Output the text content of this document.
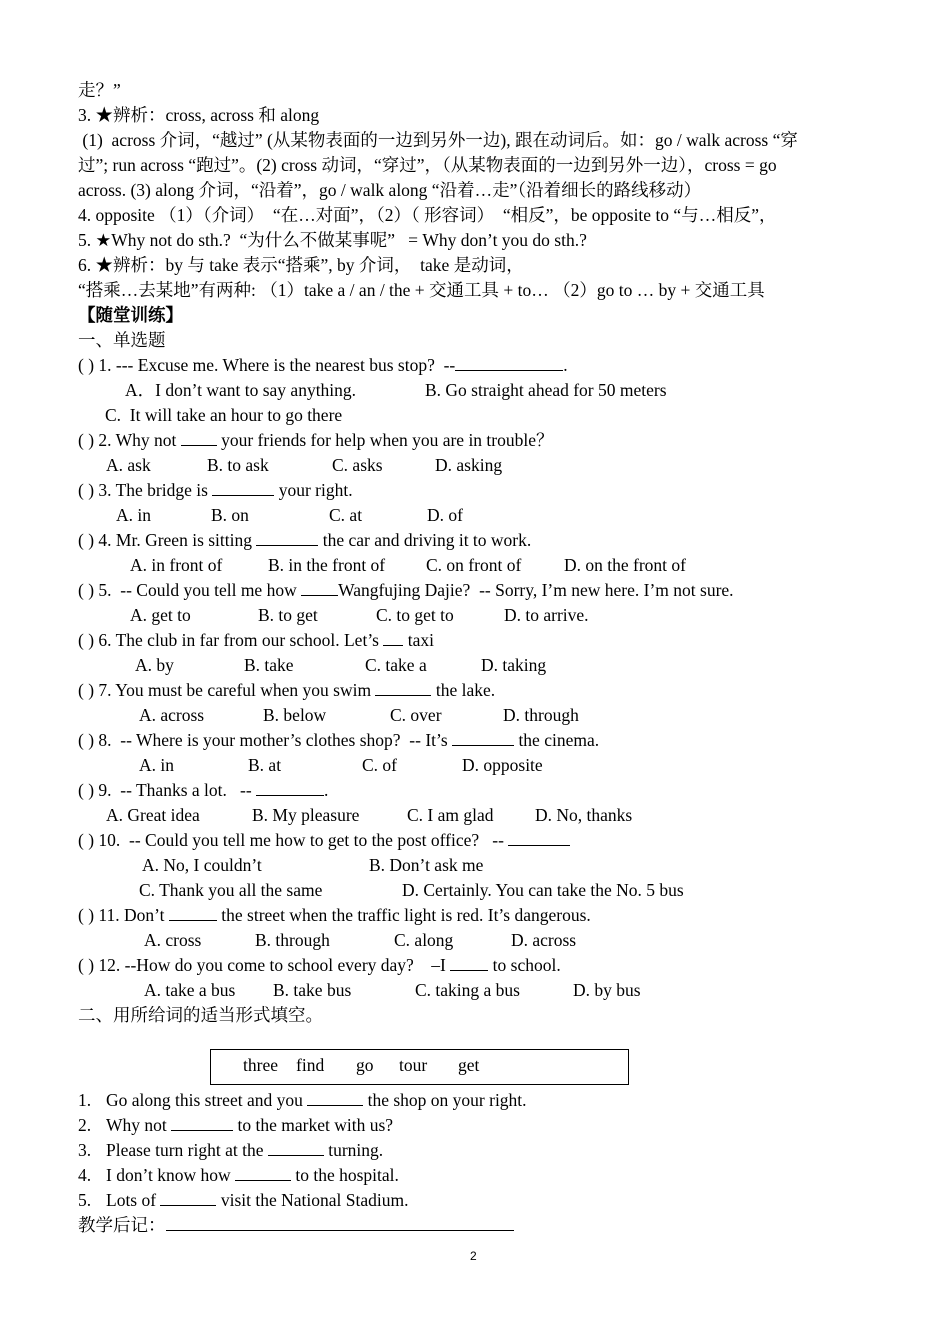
走？”
3. ★辨析：cross, across 和 along
(1)  across 介词，“越过” (从某物表面的一边到另外一边), 跟在动词后。如：go / walk across “穿
过”; run across “跑过”。(2) cross 动词，“穿过”，（从某物表面的一边到另外一边），cross = go
across. (3) along 介词，“沿着”，go / walk along “沿着…走”（沿着细长的路线移动）
4. opposite （1）（介词）  “在…对面”，（2）（ 形容词）  “相反”，be opposite to “与…相反”，
5. ★Why not do sth.?  “为什么不做某事呢”   = Why don’t you do sth.?
6. ★辨析：by 与 take 表示“搭乘”, by 介词，  take 是动词，
“搭乘…去某地”有两种: （1）take a / an / the + 交通工具 + to… （2）go to … by + 交通工具
【随堂训练】
一、单选题
( ) 1. --- Excuse me. Where is the nearest bus stop?  --	.
A．I don’t want to say anything.	B. Go straight ahead for 50 meters
C.  It will take an hour to go there
( ) 2. Why not  your friends for help when you are in trouble？
A. ask	B. to ask	C. asks	D. asking
( ) 3. The bridge is	your right.
A. in	B. on	C. at	D. of
( ) 4. Mr. Green is sitting	the car and driving it to work.
A. in front of	B. in the front of C. on front of D. on the front of
( ) 5.  -- Could you tell me how Wangfujing Dajie?  -- Sorry, I’m new here. I’m not sure.
A. get to	B. to get	C. to get to	D. to arrive.
( ) 6. The club in far from our school. Let’s  taxi
A. by	B. take	C. take a	D. taking
( ) 7. You must be careful when you swim	the lake.
A. across	B. below	C. over	D. through
( ) 8.  -- Where is your mother’s clothes shop?  -- It’s	the cinema.
A. in	B. at	C. of	D. opposite
( ) 9.  -- Thanks a lot.   --	.
A. Great idea	B. My pleasure	C. I am glad D. No, thanks
( ) 10.  -- Could you tell me how to get to the post office?   --
A. No, I couldn’t	B. Don’t ask me
C. Thank you all the same	D. Certainly. You can take the No. 5 bus
( ) 11. Don’t	the street when the traffic light is red. It’s dangerous.
A. cross	B. through	C. along	D. across
( ) 12. --How do you come to school every day?    –I  to school.
A. take a bus B. take bus	C. taking a bus	D. by bus
二、用所给词的适当形式填空。
three find go tour get
1. Go along this street and you	the shop on your right.
2. Why not	to the market with us?
3. Please turn right at the	turning.
4. I don’t know how	to the hospital.
5. Lots of	visit the National Stadium.
教学后记：
2
